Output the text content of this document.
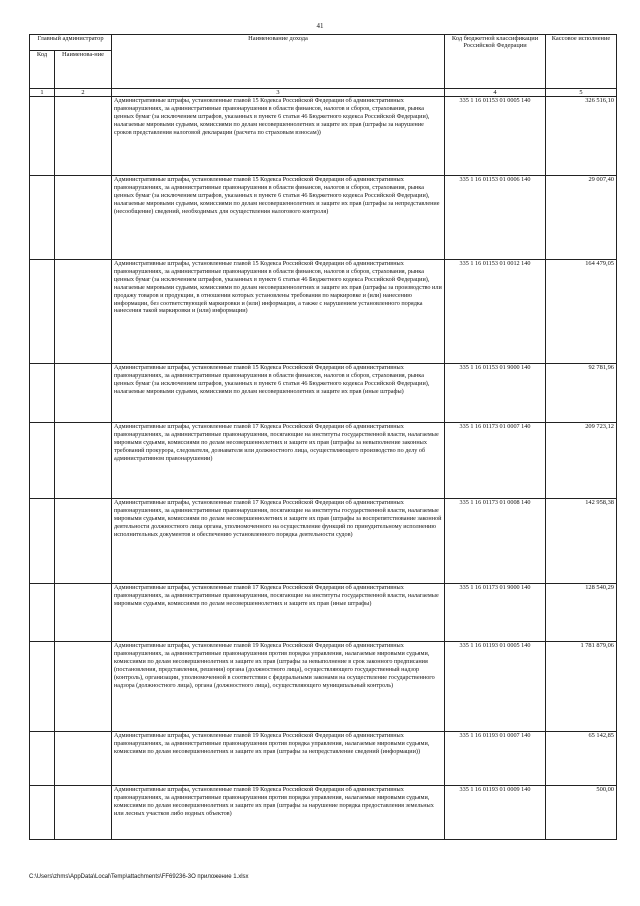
41
Главный администратор		Наименование дохода	Код бюджетной классификации Российской Федерации	Кассовое исполнение
Код	Наименова-ние			
1	2	3	4	5
		Административные штрафы, установленные главой 15 Кодекса Российской Федерации об административных правонарушениях, за административные правонарушения в области финансов, налогов и сборов, страхования, рынка ценных бумаг (за исключением штрафов, указанных в пункте 6 статьи 46 Бюджетного кодекса Российской Федерации), налагаемые мировыми судьями, комиссиями по делам несовершеннолетних и защите их прав (штрафы за нарушение сроков представления налоговой декларации (расчета по страховым взносам))	335 1 16 01153 01 0005 140	326 516,10
		Административные штрафы, установленные главой 15 Кодекса Российской Федерации об административных правонарушениях, за административные правонарушения в области финансов, налогов и сборов, страхования, рынка ценных бумаг (за исключением штрафов, указанных в пункте 6 статьи 46 Бюджетного кодекса Российской Федерации), налагаемые мировыми судьями, комиссиями по делам несовершеннолетних и защите их прав (штрафы за непредставление (несообщение) сведений, необходимых для осуществления налогового контроля)	335 1 16 01153 01 0006 140	29 007,40
		Административные штрафы, установленные главой 15 Кодекса Российской Федерации об административных правонарушениях, за административные правонарушения в области финансов, налогов и сборов, страхования, рынка ценных бумаг (за исключением штрафов, указанных в пункте 6 статьи 46 Бюджетного кодекса Российской Федерации), налагаемые мировыми судьями, комиссиями по делам несовершеннолетних и защите их прав (штрафы за производство или продажу товаров и продукции, в отношении которых установлены требования по маркировке и (или) нанесению информации, без соответствующей маркировки и (или) информации, а также с нарушением установленного порядка нанесения такой маркировки и (или) информации)	335 1 16 01153 01 0012 140	164 479,05
		Административные штрафы, установленные главой 15 Кодекса Российской Федерации об административных правонарушениях, за административные правонарушения в области финансов, налогов и сборов, страхования, рынка ценных бумаг (за исключением штрафов, указанных в пункте 6 статьи 46 Бюджетного кодекса Российской Федерации), налагаемые мировыми судьями, комиссиями по делам несовершеннолетних и защите их прав (иные штрафы)	335 1 16 01153 01 9000 140	92 781,96
		Административные штрафы, установленные главой 17 Кодекса Российской Федерации об административных правонарушениях, за административные правонарушения, посягающие на институты государственной власти, налагаемые мировыми судьями, комиссиями по делам несовершеннолетних и защите их прав (штрафы за невыполнение законных требований прокурора, следователя, дознавателя или должностного лица, осуществляющего производство по делу об административном правонарушении)	335 1 16 01173 01 0007 140	209 723,12
		Административные штрафы, установленные главой 17 Кодекса Российской Федерации об административных правонарушениях, за административные правонарушения, посягающие на институты государственной власти, налагаемые мировыми судьями, комиссиями по делам несовершеннолетних и защите их прав (штрафы за воспрепятствование законной деятельности должностного лица органа, уполномоченного на осуществление функций по принудительному исполнению исполнительных документов и обеспечению установленного порядка деятельности судов)	335 1 16 01173 01 0008 140	142 958,38
		Административные штрафы, установленные главой 17 Кодекса Российской Федерации об административных правонарушениях, за административные правонарушения, посягающие на институты государственной власти, налагаемые мировыми судьями, комиссиями по делам несовершеннолетних и защите их прав (иные штрафы)	335 1 16 01173 01 9000 140	128 540,29
		Административные штрафы, установленные главой 19 Кодекса Российской Федерации об административных правонарушениях, за административные правонарушения против порядка управления, налагаемые мировыми судьями, комиссиями по делам несовершеннолетних и защите их прав (штрафы за невыполнение в срок законного предписания (постановления, представления, решения) органа (должностного лица), осуществляющего государственный надзор (контроль), организации, уполномоченной в соответствии с федеральными законами на осуществление государственного надзора (должностного лица), органа (должностного лица), осуществляющего муниципальный контроль)	335 1 16 01193 01 0005 140	1 781 879,06
		Административные штрафы, установленные главой 19 Кодекса Российской Федерации об административных правонарушениях, за административные правонарушения против порядка управления, налагаемые мировыми судьями, комиссиями по делам несовершеннолетних и защите их прав (штрафы за непредставление сведений (информации))	335 1 16 01193 01 0007 140	65 142,85
		Административные штрафы, установленные главой 19 Кодекса Российской Федерации об административных правонарушениях, за административные правонарушения против порядка управления, налагаемые мировыми судьями, комиссиями по делам несовершеннолетних и защите их прав (штрафы за нарушение порядка предоставления земельных или лесных участков либо водных объектов)	335 1 16 01193 01 0009 140	500,00
C:\Users\zhms\AppData\Local\Temp\attachments\FF69236-3O приложение 1.xlsx
